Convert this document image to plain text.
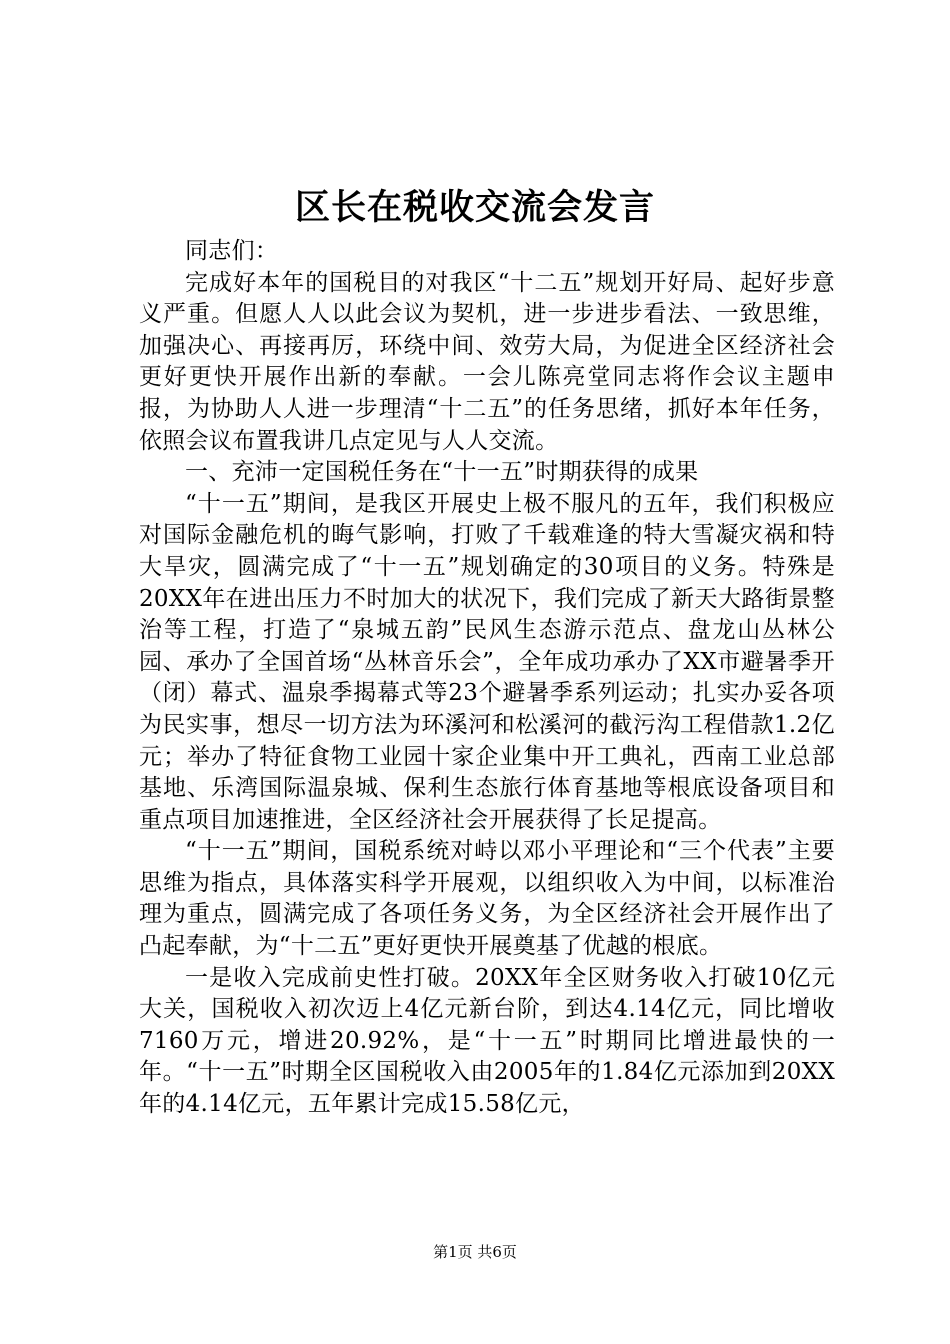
区长在税收交流会发言

同志们：

完成好本年的国税目的对我区“十二五”规划开好局、起好步意义严重。但愿人人以此会议为契机，进一步进步看法、一致思维，加强决心、再接再厉，环绕中间、效劳大局，为促进全区经济社会更好更快开展作出新的奉献。一会儿陈亮堂同志将作会议主题申报，为协助人人进一步理清“十二五”的任务思绪，抓好本年任务，依照会议布置我讲几点定见与人人交流。

一、充沛一定国税任务在“十一五”时期获得的成果

“十一五”期间，是我区开展史上极不服凡的五年，我们积极应对国际金融危机的晦气影响，打败了千载难逢的特大雪凝灾祸和特大旱灾，圆满完成了“十一五”规划确定的30项目的义务。特殊是20XX年在进出压力不时加大的状况下，我们完成了新天大路街景整治等工程，打造了“泉城五韵”民风生态游示范点、盘龙山丛林公园、承办了全国首场“丛林音乐会”，全年成功承办了XX市避暑季开（闭）幕式、温泉季揭幕式等23个避暑季系列运动；扎实办妥各项为民实事，想尽一切方法为环溪河和松溪河的截污沟工程借款1.2亿元；举办了特征食物工业园十家企业集中开工典礼，西南工业总部基地、乐湾国际温泉城、保利生态旅行体育基地等根底设备项目和重点项目加速推进，全区经济社会开展获得了长足提高。

“十一五”期间，国税系统对峙以邓小平理论和“三个代表”主要思维为指点，具体落实科学开展观，以组织收入为中间，以标准治理为重点，圆满完成了各项任务义务，为全区经济社会开展作出了凸起奉献，为“十二五”更好更快开展奠基了优越的根底。

一是收入完成前史性打破。20XX年全区财务收入打破10亿元大关，国税收入初次迈上4亿元新台阶，到达4.14亿元，同比增收7160万元，增进20.92%，是“十一五”时期同比增进最快的一年。“十一五”时期全区国税收入由2005年的1.84亿元添加到20XX年的4.14亿元，五年累计完成15.58亿元，

第1页 共6页
